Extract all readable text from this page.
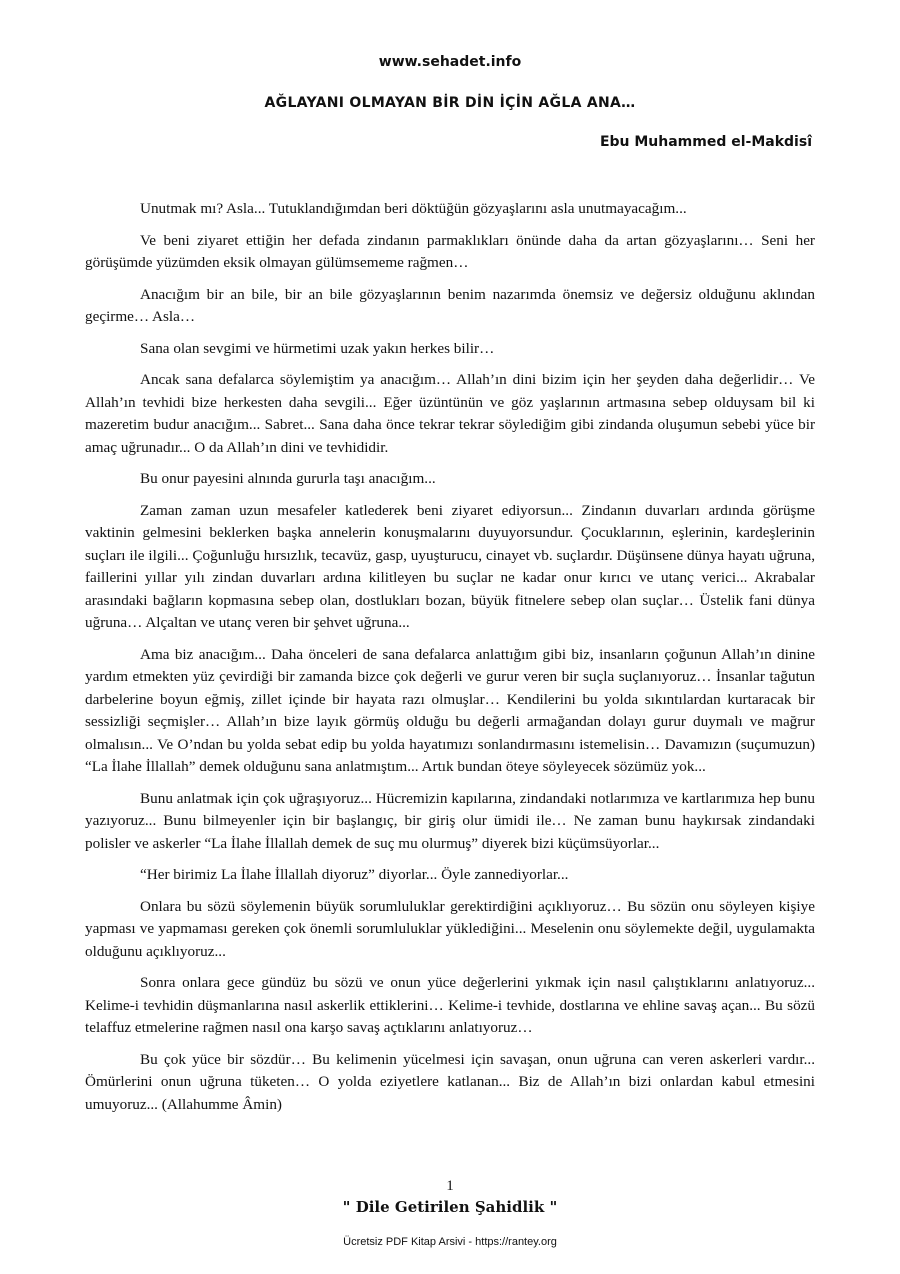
www.sehadet.info
AĞLAYANI OLMAYAN BİR DİN İÇİN AĞLA ANA…
Ebu Muhammed el-Makdisî

Unutmak mı? Asla... Tutuklandığımdan beri döktüğün gözyaşlarını asla unutmayacağım...

Ve beni ziyaret ettiğin her defada zindanın parmaklıkları önünde daha da artan gözyaşlarını… Seni her görüşümde yüzümden eksik olmayan gülümsememe rağmen…

Anacığım bir an bile, bir an bile gözyaşlarının benim nazarımda önemsiz ve değersiz olduğunu aklından geçirme… Asla…

Sana olan sevgimi ve hürmetimi uzak yakın herkes bilir…

Ancak sana defalarca söylemiştim ya anacığım… Allah’ın dini bizim için her şeyden daha değerlidir… Ve Allah’ın tevhidi bize herkesten daha sevgili... Eğer üzüntünün ve göz yaşlarının artmasına sebep olduysam bil ki mazeretim budur anacığım... Sabret... Sana daha önce tekrar tekrar söylediğim gibi zindanda oluşumun sebebi yüce bir amaç uğrunadır... O da Allah’ın dini ve tevhididir.

Bu onur payesini alnında gururla taşı anacığım...

Zaman zaman uzun mesafeler katlederek beni ziyaret ediyorsun... Zindanın duvarları ardında görüşme vaktinin gelmesini beklerken başka annelerin konuşmalarını duyuyorsundur. Çocuklarının, eşlerinin, kardeşlerinin suçları ile ilgili... Çoğunluğu hırsızlık, tecavüz, gasp, uyuşturucu, cinayet vb. suçlardır. Düşünsene dünya hayatı uğruna, faillerini yıllar yılı zindan duvarları ardına kilitleyen bu suçlar ne kadar onur kırıcı ve utanç verici... Akrabalar arasındaki bağların kopmasına sebep olan, dostlukları bozan, büyük fitnelere sebep olan suçlar… Üstelik fani dünya uğruna… Alçaltan ve utanç veren bir şehvet uğruna...

Ama biz anacığım... Daha önceleri de sana defalarca anlattığım gibi biz, insanların çoğunun Allah’ın dinine yardım etmekten yüz çevirdiği bir zamanda bizce çok değerli ve gurur veren bir suçla suçlanıyoruz… İnsanlar tağutun darbelerine boyun eğmiş, zillet içinde bir hayata razı olmuşlar… Kendilerini bu yolda sıkıntılardan kurtaracak bir sessizliği seçmişler… Allah’ın bize layık görmüş olduğu bu değerli armağandan dolayı gurur duymalı ve mağrur olmalısın... Ve O’ndan bu yolda sebat edip bu yolda hayatımızı sonlandırmasını istemelisin… Davamızın (suçumuzun) “La İlahe İllallah” demek olduğunu sana anlatmıştım... Artık bundan öteye söyleyecek sözümüz yok...

Bunu anlatmak için çok uğraşıyoruz... Hücremizin kapılarına, zindandaki notlarımıza ve kartlarımıza hep bunu yazıyoruz... Bunu bilmeyenler için bir başlangıç, bir giriş olur ümidi ile… Ne zaman bunu haykırsak zindandaki polisler ve askerler “La İlahe İllallah demek de suç mu olurmuş” diyerek bizi küçümsüyorlar...

“Her birimiz La İlahe İllallah diyoruz” diyorlar... Öyle zannediyorlar...

Onlara bu sözü söylemenin büyük sorumluluklar gerektirdiğini açıklıyoruz… Bu sözün onu söyleyen kişiye yapması ve yapmaması gereken çok önemli sorumluluklar yüklediğini... Meselenin onu söylemekte değil, uygulamakta olduğunu açıklıyoruz...

Sonra onlara gece gündüz bu sözü ve onun yüce değerlerini yıkmak için nasıl çalıştıklarını anlatıyoruz... Kelime-i tevhidin düşmanlarına nasıl askerlik ettiklerini… Kelime-i tevhide, dostlarına ve ehline savaş açan... Bu sözü telaffuz etmelerine rağmen nasıl ona karşo savaş açtıklarını anlatıyoruz…

Bu çok yüce bir sözdür… Bu kelimenin yücelmesi için savaşan, onun uğruna can veren askerleri vardır... Ömürlerini onun uğruna tüketen… O yolda eziyetlere katlanan... Biz de Allah’ın bizi onlardan kabul etmesini umuyoruz... (Allahumme Âmin)

1
" Dile Getirilen Şahidlik "
Ücretsiz PDF Kitap Arsivi - https://rantey.org
